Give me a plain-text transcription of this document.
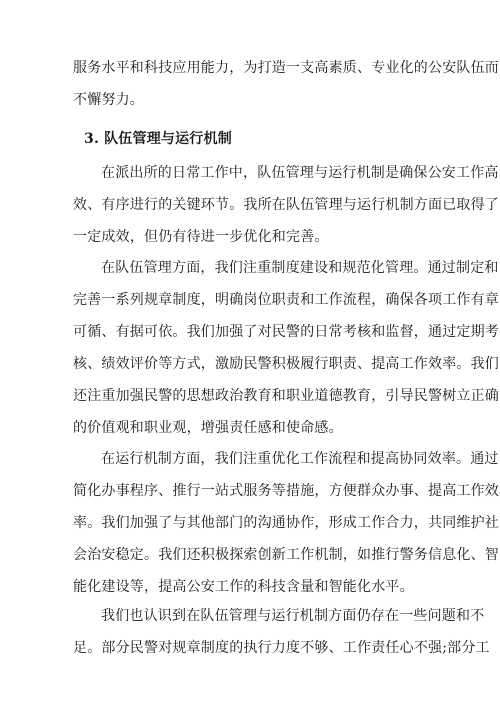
服务水平和科技应用能力，为打造一支高素质、专业化的公安队伍而
不懈努力。
3. 队伍管理与运行机制
在派出所的日常工作中，队伍管理与运行机制是确保公安工作高
效、有序进行的关键环节。我所在队伍管理与运行机制方面已取得了
一定成效，但仍有待进一步优化和完善。
在队伍管理方面，我们注重制度建设和规范化管理。通过制定和
完善一系列规章制度，明确岗位职责和工作流程，确保各项工作有章
可循、有据可依。我们加强了对民警的日常考核和监督，通过定期考
核、绩效评价等方式，激励民警积极履行职责、提高工作效率。我们
还注重加强民警的思想政治教育和职业道德教育，引导民警树立正确
的价值观和职业观，增强责任感和使命感。
在运行机制方面，我们注重优化工作流程和提高协同效率。通过
简化办事程序、推行一站式服务等措施，方便群众办事、提高工作效
率。我们加强了与其他部门的沟通协作，形成工作合力，共同维护社
会治安稳定。我们还积极探索创新工作机制，如推行警务信息化、智
能化建设等，提高公安工作的科技含量和智能化水平。
我们也认识到在队伍管理与运行机制方面仍存在一些问题和不
足。部分民警对规章制度的执行力度不够、工作责任心不强;部分工
